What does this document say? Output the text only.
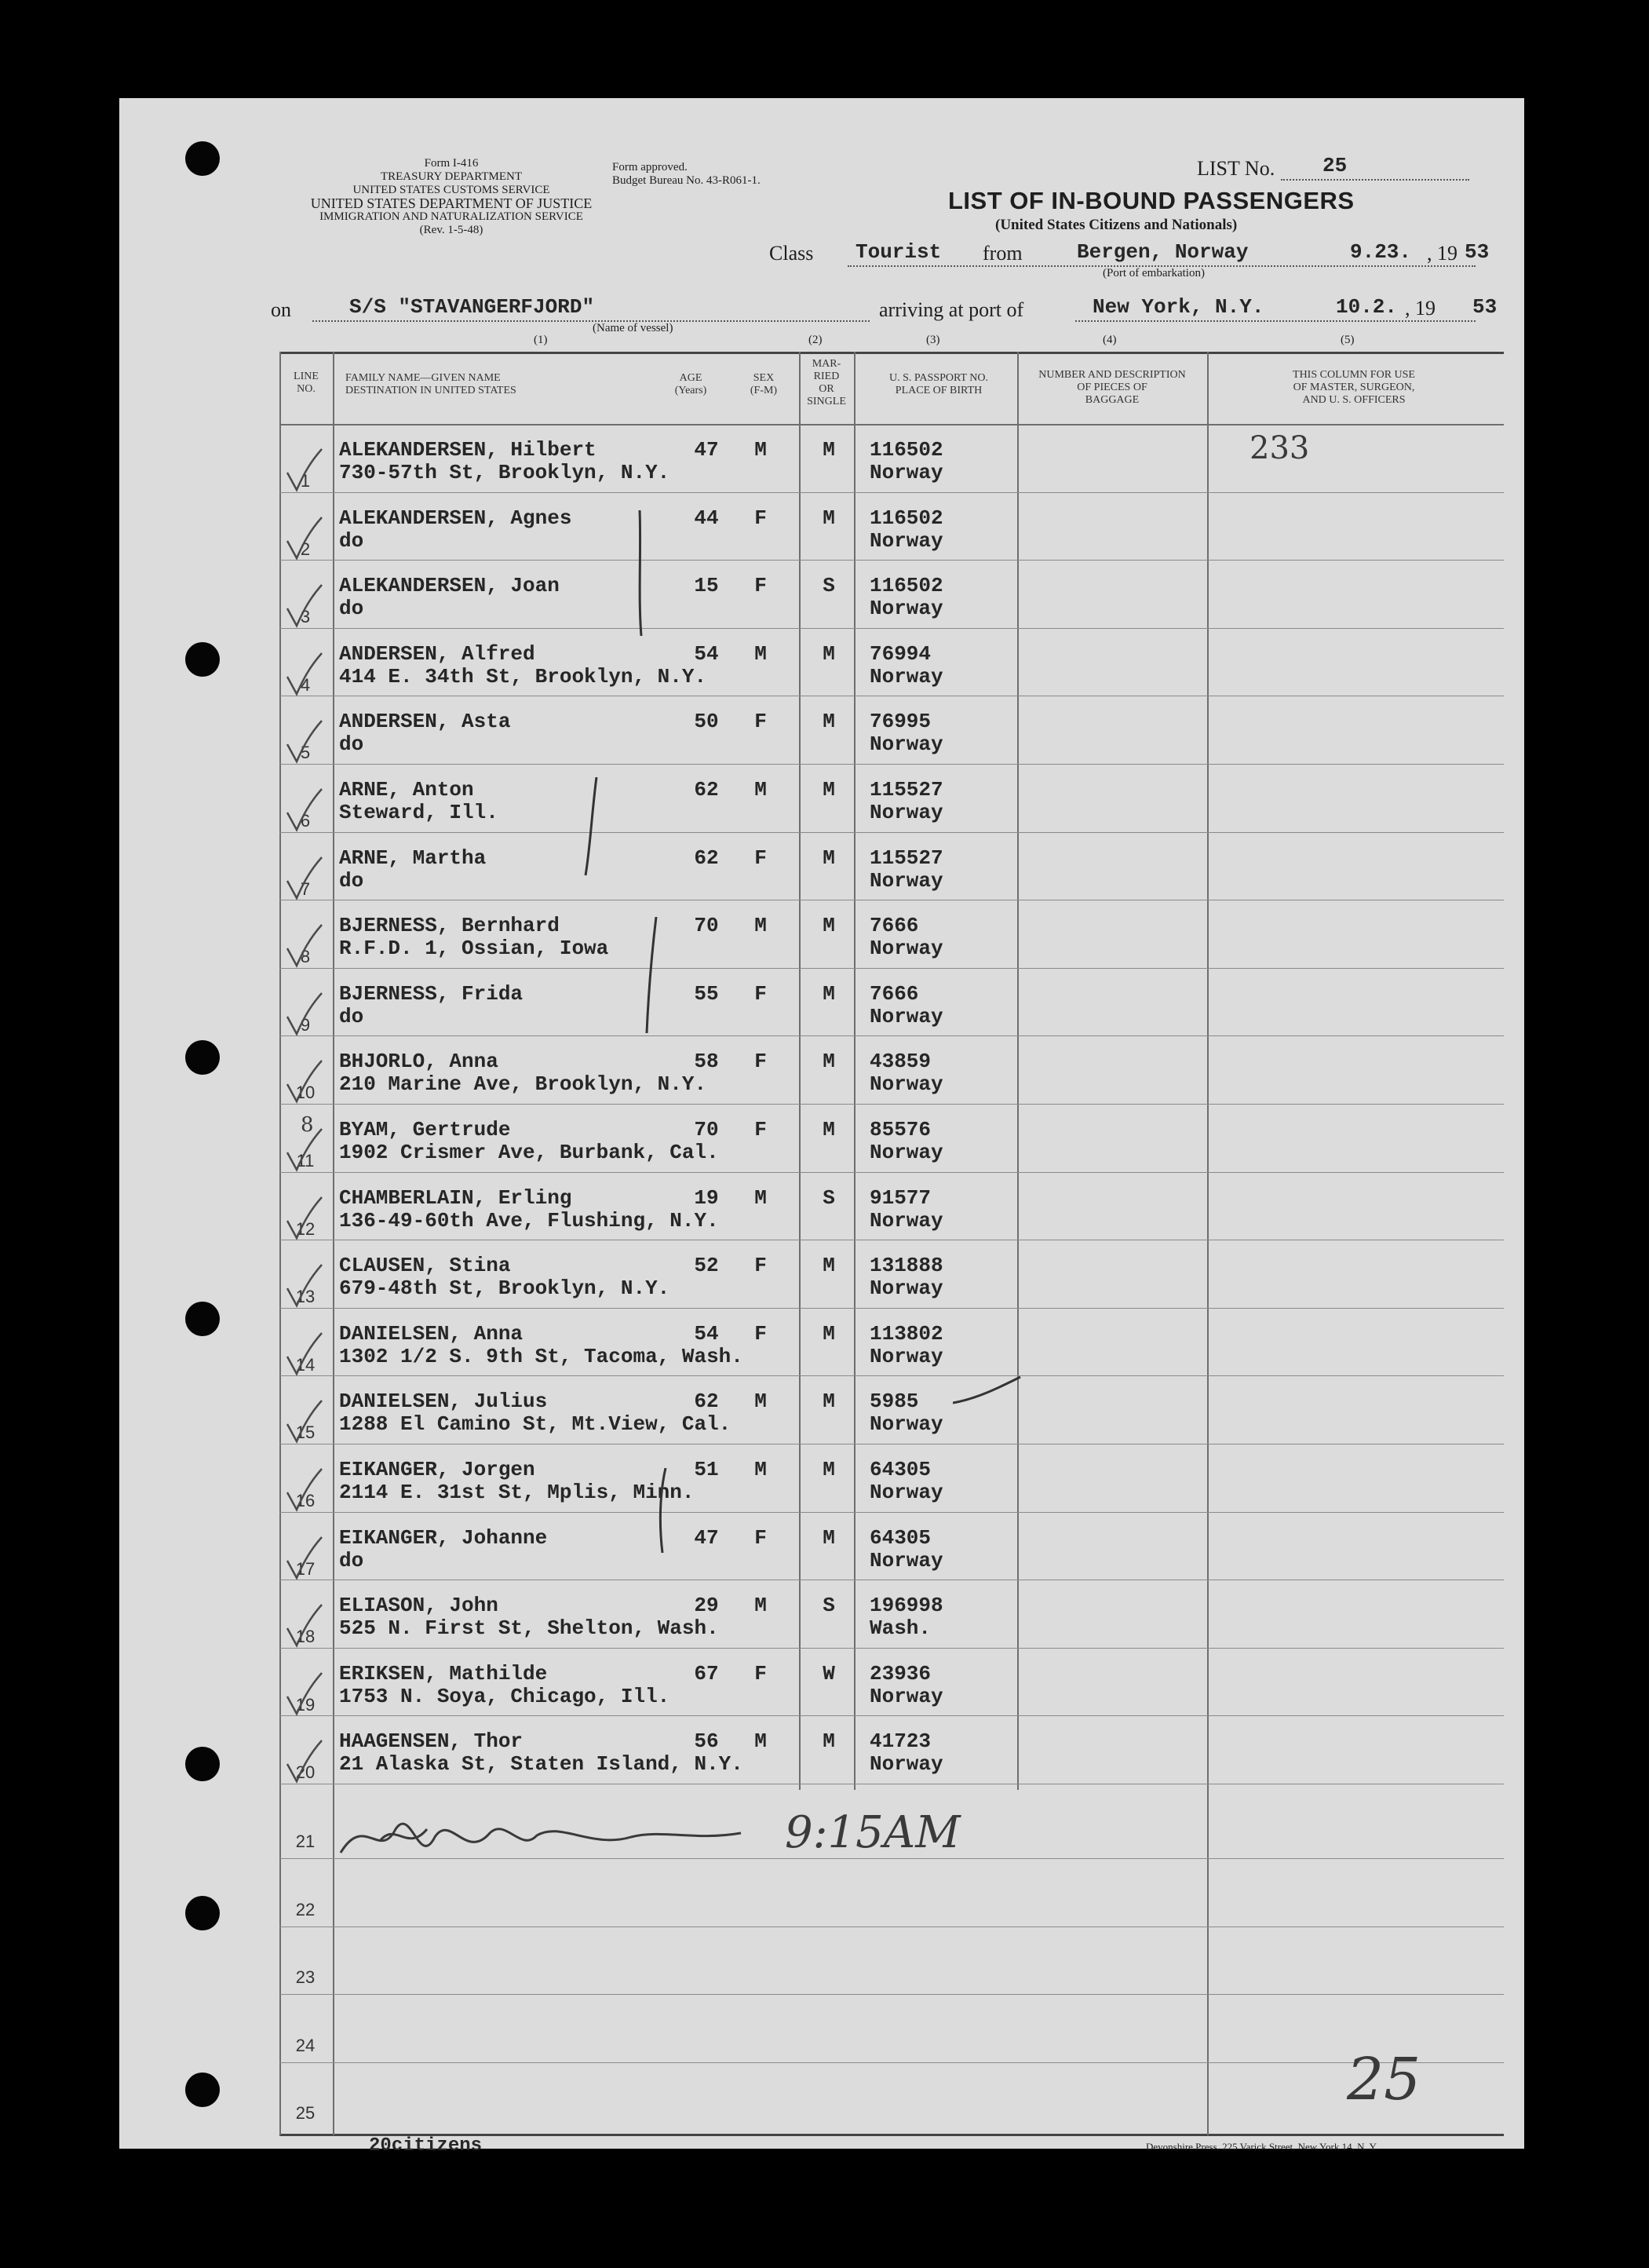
Form I-416
TREASURY DEPARTMENT
UNITED STATES CUSTOMS SERVICE
UNITED STATES DEPARTMENT OF JUSTICE
IMMIGRATION AND NATURALIZATION SERVICE
(Rev. 1-5-48)
Form approved.
Budget Bureau No. 43-R061-1.
LIST No. 25
LIST OF IN-BOUND PASSENGERS
(United States Citizens and Nationals)
Class Tourist from	Bergen, Norway
(Port of embarkation)
9.23. , 19 53
on	S/S "STAVANGERFJORD"
(Name of vessel)
arriving at port of	New York, N.Y.	10.2. , 19 53
(1)	(2)	(3)	(4)	(5)
LINE
NO.
FAMILY NAME—GIVEN NAME
DESTINATION IN UNITED STATES
AGE
(Years)
SEX
(F-M)
MAR-
RIED
OR
SINGLE
U. S. PASSPORT NO.
PLACE OF BIRTH
NUMBER AND DESCRIPTION
OF PIECES OF
BAGGAGE
THIS COLUMN FOR USE
OF MASTER, SURGEON,
AND U. S. OFFICERS
1
ALEKANDERSEN, Hilbert
730-57th St, Brooklyn, N.Y.
47	M	M	116502
Norway
2
ALEKANDERSEN, Agnes
do
44	F	M	116502
Norway
3
ALEKANDERSEN, Joan
do
15	F	S	116502
Norway
4
ANDERSEN, Alfred
414 E. 34th St, Brooklyn, N.Y.
54	M	M	76994
Norway
5
ANDERSEN, Asta
do
50	F	M	76995
Norway
6
ARNE, Anton
Steward, Ill.
62	M	M	115527
Norway
7
ARNE, Martha
do
62	F	M	115527
Norway
8
BJERNESS, Bernhard
R.F.D. 1, Ossian, Iowa
70	M	M	7666
Norway
9
BJERNESS, Frida
do
55	F	M	7666
Norway
10
BHJORLO, Anna
210 Marine Ave, Brooklyn, N.Y.
58	F	M	43859
Norway
11
BYAM, Gertrude
1902 Crismer Ave, Burbank, Cal.
70	F	M	85576
Norway
12
CHAMBERLAIN, Erling
136-49-60th Ave, Flushing, N.Y.
19	M	S	91577
Norway
13
CLAUSEN, Stina
679-48th St, Brooklyn, N.Y.
52	F	M	131888
Norway
14
DANIELSEN, Anna
1302 1/2 S. 9th St, Tacoma, Wash.
54	F	M	113802
Norway
15
DANIELSEN, Julius
1288 El Camino St, Mt.View, Cal.
62	M	M	5985
Norway
16
EIKANGER, Jorgen
2114 E. 31st St, Mplis, Minn.
51	M	M	64305
Norway
17
EIKANGER, Johanne
do
47	F	M	64305
Norway
18
ELIASON, John
525 N. First St, Shelton, Wash.
29	M	S	196998
Wash.
19
ERIKSEN, Mathilde
1753 N. Soya, Chicago, Ill.
67	F	W	23936
Norway
20
HAAGENSEN, Thor
21 Alaska St, Staten Island, N.Y.
56	M	M	41723
Norway
21
22
23
24
25
233
9:15AM
8
25
20citizens	Devonshire Press, 225 Varick Street, New York 14, N. Y.
